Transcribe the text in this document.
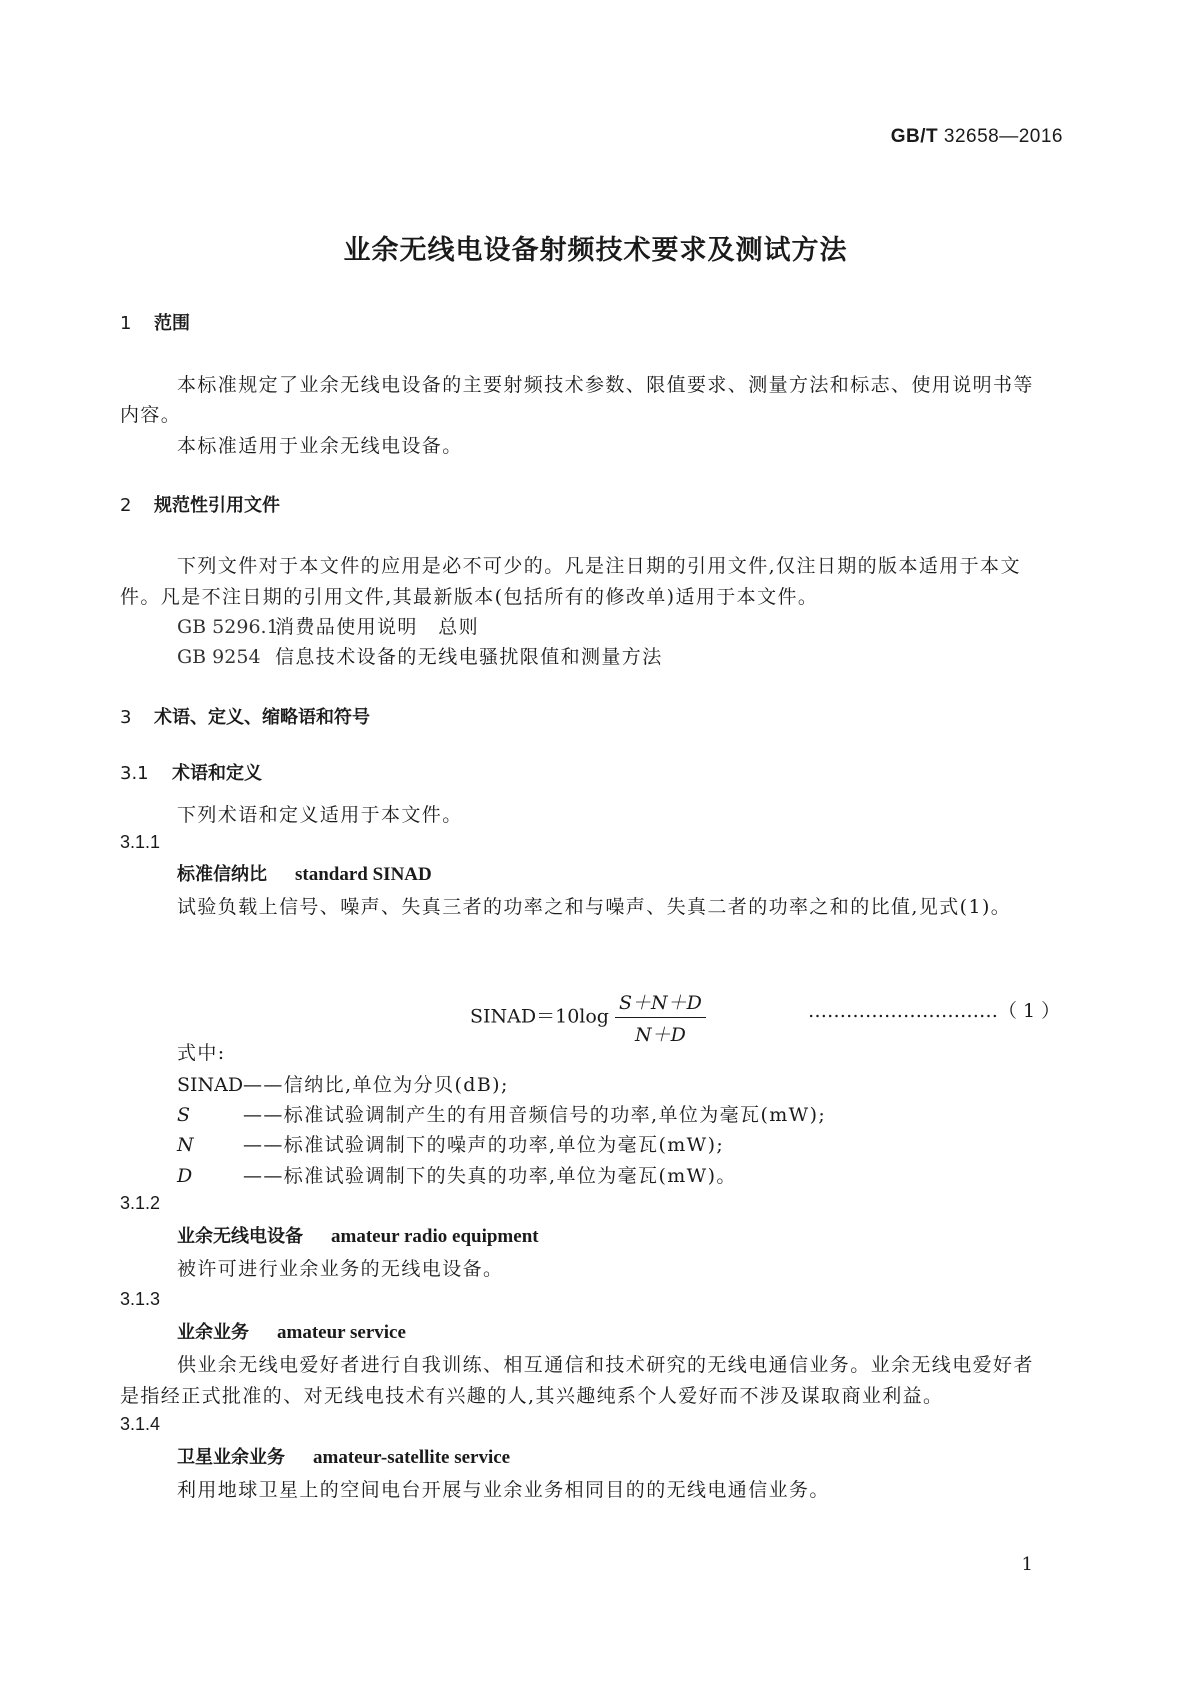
GB/T 32658—2016
业余无线电设备射频技术要求及测试方法
1 范围
本标准规定了业余无线电设备的主要射频技术参数、限值要求、测量方法和标志、使用说明书等
内容。
本标准适用于业余无线电设备。
2 规范性引用文件
下列文件对于本文件的应用是必不可少的。凡是注日期的引用文件,仅注日期的版本适用于本文
件。凡是不注日期的引用文件,其最新版本(包括所有的修改单)适用于本文件。
GB 5296.1消费品使用说明　总则
GB 9254 信息技术设备的无线电骚扰限值和测量方法
3 术语、定义、缩略语和符号
3.1 术语和定义
下列术语和定义适用于本文件。
3.1.1
标准信纳比 standard SINAD
试验负载上信号、噪声、失真三者的功率之和与噪声、失真二者的功率之和的比值,见式(1)。
SINAD＝10log $\frac{S+N+D}{N+D}$	…………………………（ 1 ）
式中:
SINAD——信纳比,单位为分贝(dB);
S	——标准试验调制产生的有用音频信号的功率,单位为毫瓦(mW);
N	——标准试验调制下的噪声的功率,单位为毫瓦(mW);
D	——标准试验调制下的失真的功率,单位为毫瓦(mW)。
3.1.2
业余无线电设备 amateur radio equipment
被许可进行业余业务的无线电设备。
3.1.3
业余业务 amateur service
供业余无线电爱好者进行自我训练、相互通信和技术研究的无线电通信业务。业余无线电爱好者
是指经正式批准的、对无线电技术有兴趣的人,其兴趣纯系个人爱好而不涉及谋取商业利益。
3.1.4
卫星业余业务 amateur-satellite service
利用地球卫星上的空间电台开展与业余业务相同目的的无线电通信业务。
1
